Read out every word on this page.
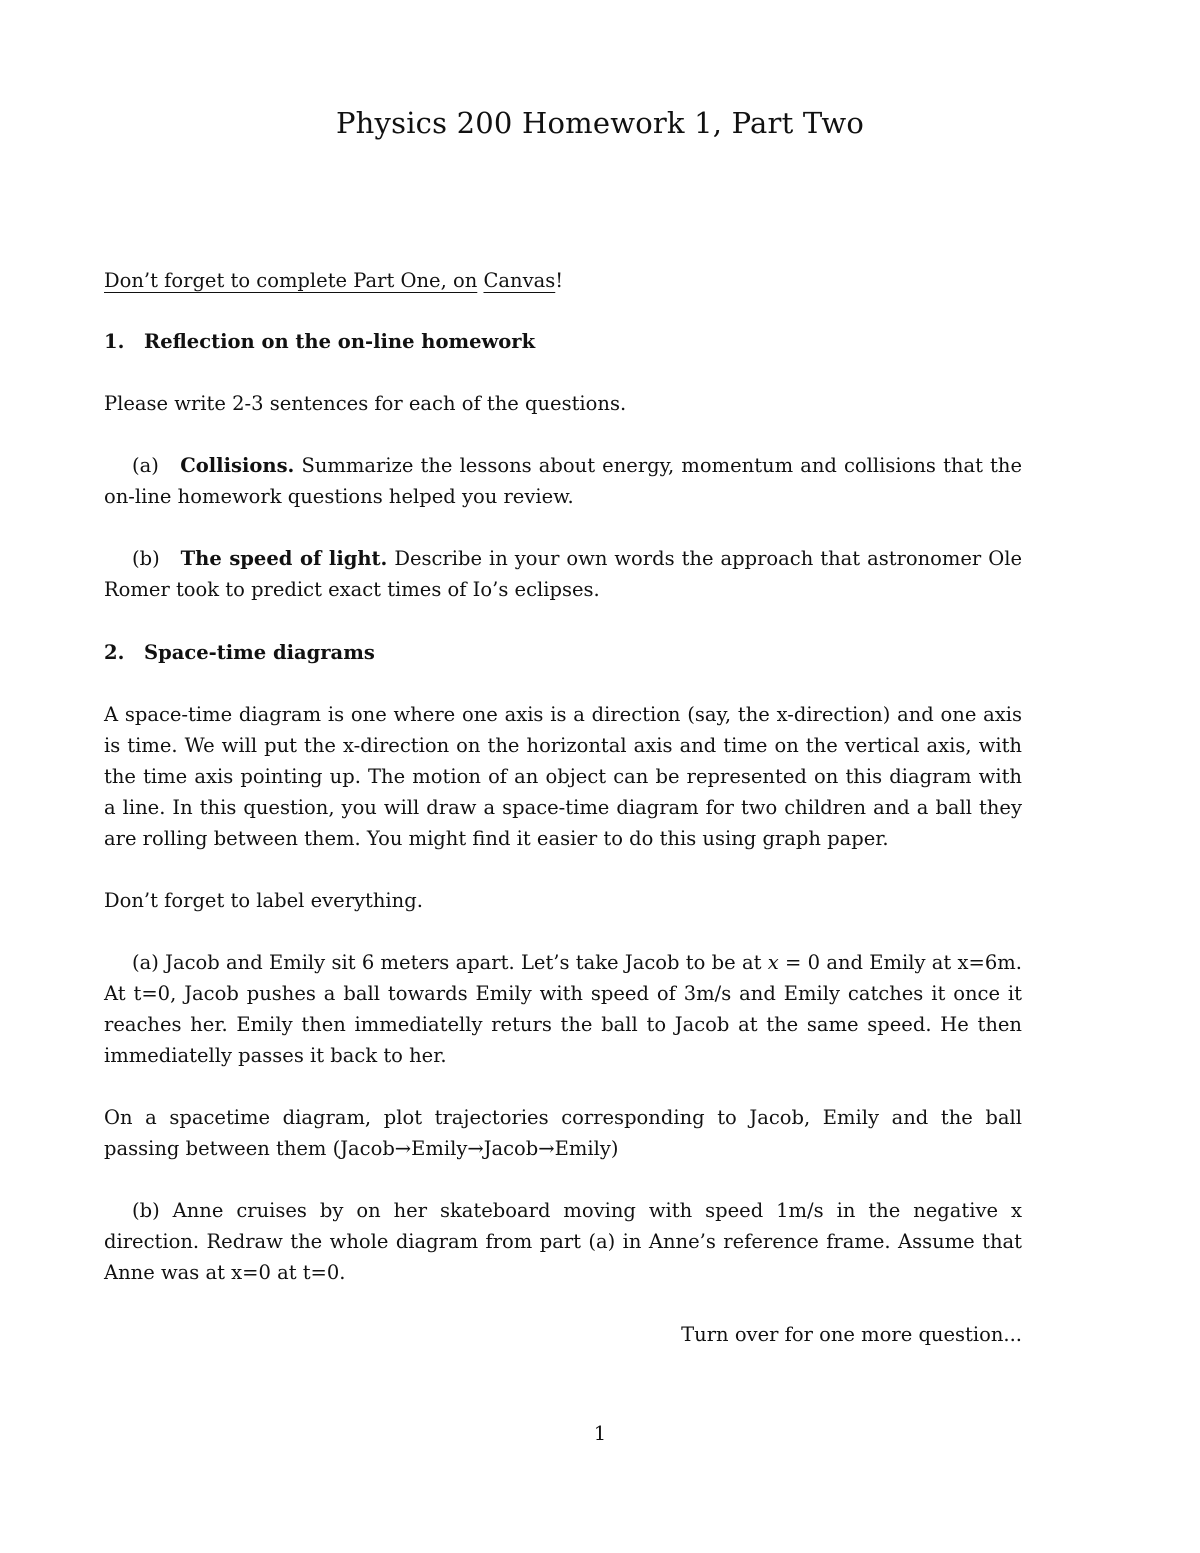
Physics 200 Homework 1, Part Two

Don’t forget to complete Part One, on Canvas!

1. Reflection on the on-line homework

Please write 2-3 sentences for each of the questions.

(a) Collisions. Summarize the lessons about energy, momentum and collisions that the on-line homework questions helped you review.

(b) The speed of light. Describe in your own words the approach that astronomer Ole Romer took to predict exact times of Io’s eclipses.

2. Space-time diagrams

A space-time diagram is one where one axis is a direction (say, the x-direction) and one axis is time. We will put the x-direction on the horizontal axis and time on the vertical axis, with the time axis pointing up. The motion of an object can be represented on this diagram with a line. In this question, you will draw a space-time diagram for two children and a ball they are rolling between them. You might find it easier to do this using graph paper.

Don’t forget to label everything.

(a) Jacob and Emily sit 6 meters apart. Let’s take Jacob to be at x = 0 and Emily at x=6m. At t=0, Jacob pushes a ball towards Emily with speed of 3m/s and Emily catches it once it reaches her. Emily then immediatelly returs the ball to Jacob at the same speed. He then immediatelly passes it back to her.

On a spacetime diagram, plot trajectories corresponding to Jacob, Emily and the ball passing between them (Jacob→Emily→Jacob→Emily)

(b) Anne cruises by on her skateboard moving with speed 1m/s in the negative x direction. Redraw the whole diagram from part (a) in Anne’s reference frame. Assume that Anne was at x=0 at t=0.

Turn over for one more question...

1
